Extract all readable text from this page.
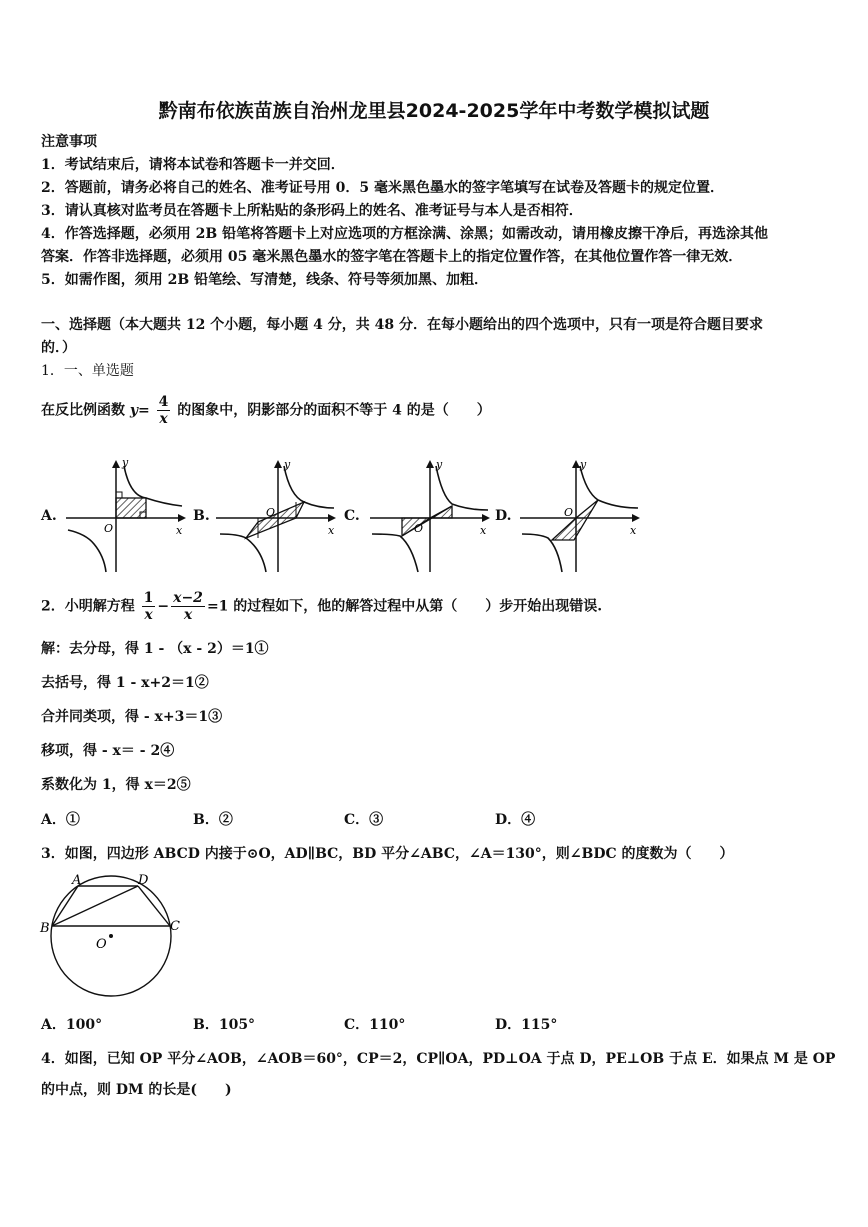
黔南布依族苗族自治州龙里县2024-2025学年中考数学模拟试题
注意事项
1．考试结束后，请将本试卷和答题卡一并交回．
2．答题前，请务必将自己的姓名、准考证号用 0．5 毫米黑色墨水的签字笔填写在试卷及答题卡的规定位置．
3．请认真核对监考员在答题卡上所粘贴的条形码上的姓名、准考证号与本人是否相符．
4．作答选择题，必须用 2B 铅笔将答题卡上对应选项的方框涂满、涂黑；如需改动，请用橡皮擦干净后，再选涂其他
答案．作答非选择题，必须用 05 毫米黑色墨水的签字笔在答题卡上的指定位置作答，在其他位置作答一律无效．
5．如需作图，须用 2B 铅笔绘、写清楚，线条、符号等须加黑、加粗．
一、选择题（本大题共 12 个小题，每小题 4 分，共 48 分．在每小题给出的四个选项中，只有一项是符合题目要求
的．）
1．一、单选题
在反比例函数 $y= \frac{4}{x}$ 的图象中，阴影部分的面积不等于 4 的是（　　）
A.	B.	C.	D.
y
x
O
y
x
O
y
x
O
y
x
O
2．小明解方程 $\frac{1}{x} - \frac{x-2}{x} =1$ 的过程如下，他的解答过程中从第（　　）步开始出现错误.
解：去分母，得 1 - （x - 2）＝1①
去括号，得 1 - x+2＝1②
合并同类项，得 - x+3＝1③
移项，得 - x＝ - 2④
系数化为 1，得 x＝2⑤
A．①	B．②	C．③	D．④
3．如图，四边形 ABCD 内接于⊙O，AD∥BC，BD 平分∠ABC，∠A＝130°，则∠BDC 的度数为（　　）
A	D
B	C
O
A．100°	B．105°	C．110°	D．115°
4．如图，已知 OP 平分∠AOB，∠AOB＝60°，CP＝2，CP∥OA，PD⊥OA 于点 D，PE⊥OB 于点 E．如果点 M 是 OP
的中点，则 DM 的长是(　　)
